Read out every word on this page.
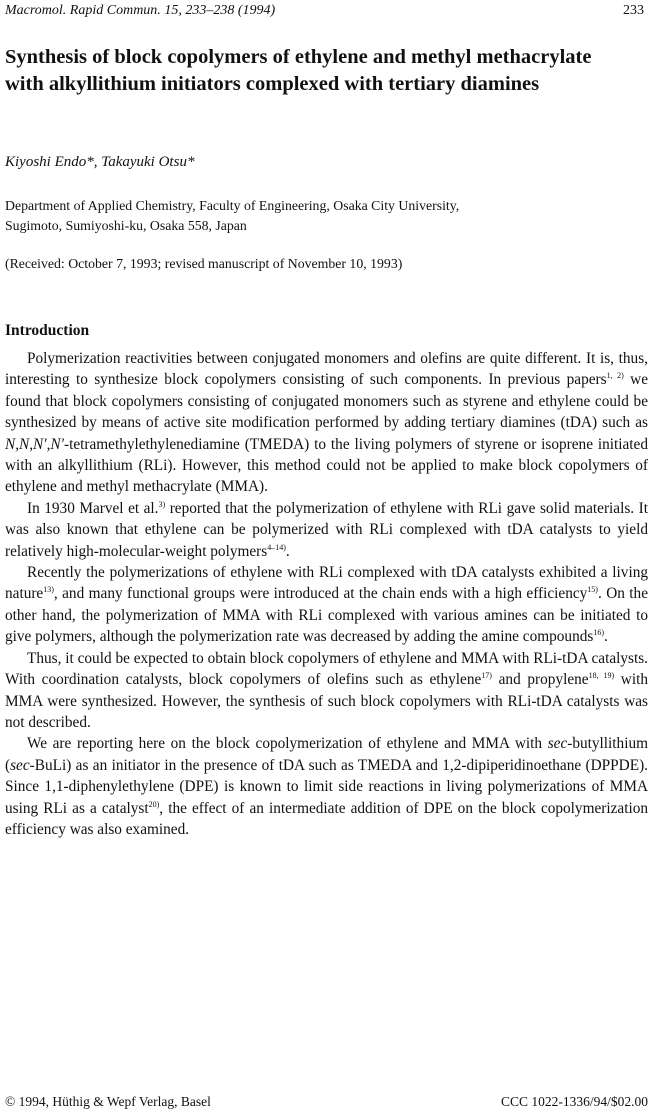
Macromol. Rapid Commun. 15, 233–238 (1994)	233
Synthesis of block copolymers of ethylene and methyl methacrylate with alkyllithium initiators complexed with tertiary diamines

Kiyoshi Endo*, Takayuki Otsu*

Department of Applied Chemistry, Faculty of Engineering, Osaka City University,
Sugimoto, Sumiyoshi-ku, Osaka 558, Japan

(Received: October 7, 1993; revised manuscript of November 10, 1993)

Introduction

Polymerization reactivities between conjugated monomers and olefins are quite different. It is, thus, interesting to synthesize block copolymers consisting of such components. In previous papers$^{1, 2)}$ we found that block copolymers consisting of conjugated monomers such as styrene and ethylene could be synthesized by means of active site modification performed by adding tertiary diamines (tDA) such as N,N,N′,N′-tetramethylethylenediamine (TMEDA) to the living polymers of styrene or isoprene initiated with an alkyllithium (RLi). However, this method could not be applied to make block copolymers of ethylene and methyl methacrylate (MMA).

In 1930 Marvel et al.$^{3)}$ reported that the polymerization of ethylene with RLi gave solid materials. It was also known that ethylene can be polymerized with RLi complexed with tDA catalysts to yield relatively high-molecular-weight polymers$^{4-14)}$.

Recently the polymerizations of ethylene with RLi complexed with tDA catalysts exhibited a living nature$^{13)}$, and many functional groups were introduced at the chain ends with a high efficiency$^{15)}$. On the other hand, the polymerization of MMA with RLi complexed with various amines can be initiated to give polymers, although the polymerization rate was decreased by adding the amine compounds$^{16)}$.

Thus, it could be expected to obtain block copolymers of ethylene and MMA with RLi-tDA catalysts. With coordination catalysts, block copolymers of olefins such as ethylene$^{17)}$ and propylene$^{18, 19)}$ with MMA were synthesized. However, the synthesis of such block copolymers with RLi-tDA catalysts was not described.

We are reporting here on the block copolymerization of ethylene and MMA with sec-butyllithium (sec-BuLi) as an initiator in the presence of tDA such as TMEDA and 1,2-dipiperidinoethane (DPPDE). Since 1,1-diphenylethylene (DPE) is known to limit side reactions in living polymerizations of MMA using RLi as a catalyst$^{20)}$, the effect of an intermediate addition of DPE on the block copolymerization efficiency was also examined.

© 1994, Hüthig & Wepf Verlag, Basel	CCC 1022-1336/94/$02.00
